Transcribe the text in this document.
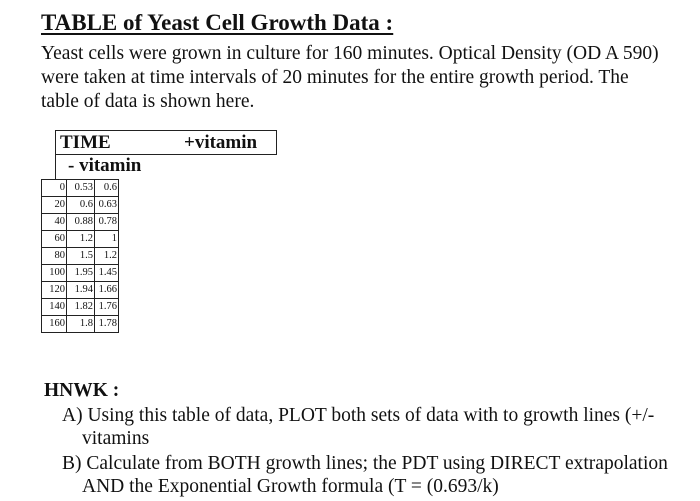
TABLE of Yeast Cell Growth Data :

Yeast cells were grown in culture for 160 minutes. Optical Density (OD A 590) were taken at time intervals of 20 minutes for the entire growth period. The table of data is shown here.

TIME	+vitamin
- vitamin
0	0.53	0.6
20	0.6	0.63
40	0.88	0.78
60	1.2	1
80	1.5	1.2
100	1.95	1.45
120	1.94	1.66
140	1.82	1.76
160	1.8	1.78

HNWK :

A) Using this table of data, PLOT both sets of data with to growth lines (+/- vitamins

B) Calculate from BOTH growth lines; the PDT using DIRECT extrapolation AND the Exponential Growth formula (T = (0.693/k)
